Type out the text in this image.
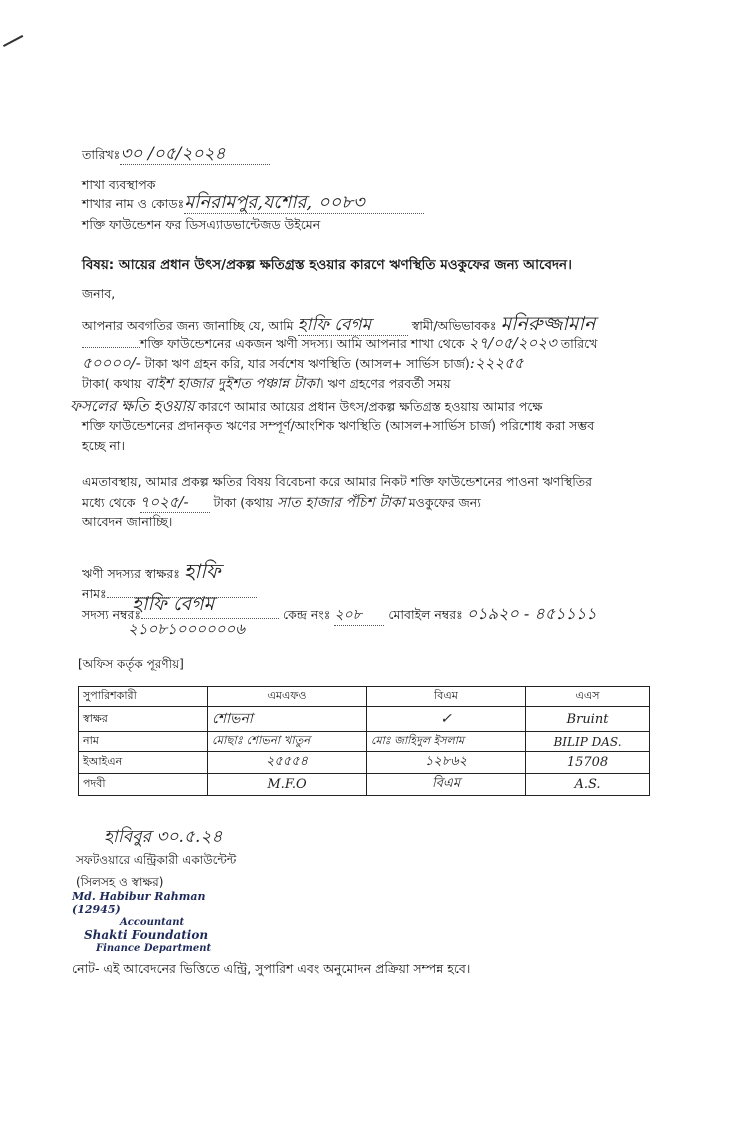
তারিখঃ৩০ /০৫/২০২৪
শাখা ব্যবস্থাপক
শাখার নাম ও কোডঃমনিরামপুর,যশোর, ০০৮৩
শক্তি ফাউন্ডেশন ফর ডিসএ্যাডভান্টেজড উইমেন
বিষয়: আয়ের প্রধান উৎস/প্রকল্প ক্ষতিগ্রস্ত হওয়ার কারণে ঋণস্থিতি মওকুফের জন্য আবেদন।
জনাব,
আপনার অবগতির জন্য জানাচ্ছি যে, আমি হাফি বেগম	স্বামী/অভিভাবকঃ মনিরুজ্জামান
শক্তি ফাউন্ডেশনের একজন ঋণী সদস্য। আমি আপনার শাখা থেকে ২৭/০৫/২০২৩ তারিখে
৫০০০০/- টাকা ঋণ গ্রহন করি, যার সর্বশেষ ঋণস্থিতি (আসল+ সার্ভিস চার্জ):২২২৫৫
টাকা( কথায় বাইশ হাজার দুইশত পঞ্চান্ন টাকা। ঋণ গ্রহণের পরবর্তী সময়
ফসলের ক্ষতি হওয়ায় কারণে আমার আয়ের প্রধান উৎস/প্রকল্প ক্ষতিগ্রস্ত হওয়ায় আমার পক্ষে
শক্তি ফাউন্ডেশনের প্রদানকৃত ঋণের সম্পূর্ণ/আংশিক ঋণস্থিতি (আসল+সার্ভিস চার্জ) পরিশোধ করা সম্ভব
হচ্ছে না।
এমতাবস্থায়, আমার প্রকল্প ক্ষতির বিষয় বিবেচনা করে আমার নিকট শক্তি ফাউন্ডেশনের পাওনা ঋণস্থিতির
মধ্যে থেকে ৭০২৫/- টাকা (কথায় সাত হাজার পঁচিশ টাকা মওকুফের জন্য
আবেদন জানাচ্ছি।
ঋণী সদস্যর স্বাক্ষরঃ হাফি
নামঃ	হাফি বেগম
সদস্য নম্বরঃ	কেন্দ্র নংঃ ২০৮ মোবাইল নম্বরঃ ০১৯২০ - ৪৫১১১১
২১০৮১০০০০০০৬
[অফিস কর্তৃক পূরণীয়]
সুপারিশকারী	এমএফও	বিএম	এএস
স্বাক্ষর	শোভনা	✓	Bruint
নাম	মোছাঃ শোভনা খাতুন	মোঃ জাহিদুল ইসলাম	BILIP DAS.
ইআইএন	২৫৫৫৪	১২৮৬২	15708
পদবী	M.F.O	বিএম	A.S.
হাবিবুর ৩০.৫.২৪
সফটওয়ারে এন্ট্রিকারী একাউন্টেন্ট
(সিলসহ ও স্বাক্ষর)
Md. Habibur Rahman (12945)
Accountant
Shakti Foundation
Finance Department
নোট- এই আবেদনের ভিত্তিতে এন্ট্রি, সুপারিশ এবং অনুমোদন প্রক্রিয়া সম্পন্ন হবে।
